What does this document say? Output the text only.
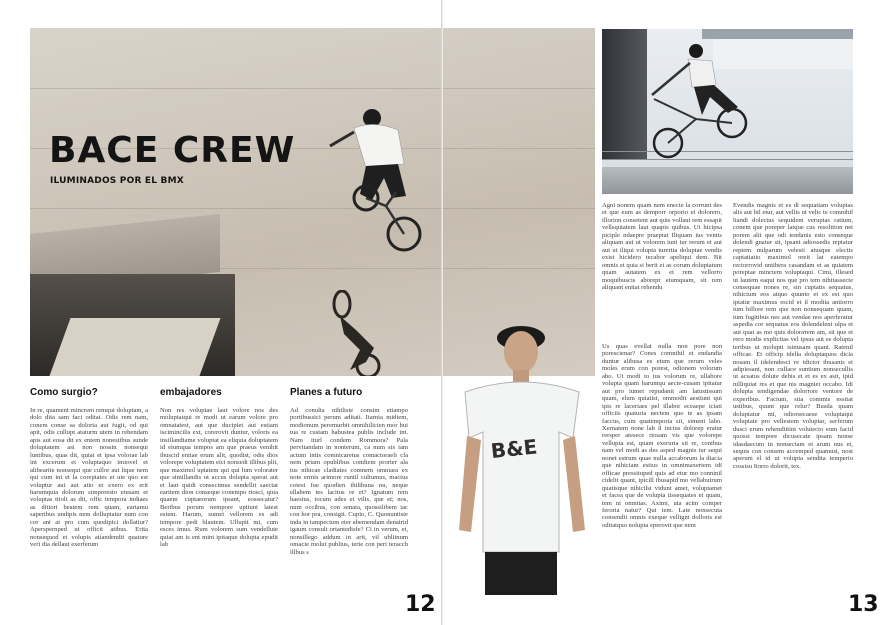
BACE CREW
ILUMINADOS POR EL BMX
B&E
Como surgio?

In re, quament mincrem remqui doluptam, a dolo dita sam faci oditat. Odis rem nam, conem conse sa doloria aut fugit, od qui apit, odis cullupt ataturm utem in rehendam apis aut eosa dit ex entem nonestibus sunde doluptatem asi non nossin nonsequi luntibus, quas dit, quiat et ipsa volorae lab int excerum et voluptaquo imiovel et alibearite nonsequi que cullor aut lique nem qui cum int et la coreptates et ute quo est voluptur aut aut atio et exero ex erit harumquia dolorum simporesto etusam et voluptas tiiolt as dit, offic tempora indiaes as ditiori beatem rem quam, eariamu saperibus undipis nem dolluptatur num con cor ant at pro cum quodipici dollatiur? Aperspernped ut officit atibus. Erita nonsequod et volupis atiandendit quature veri dia dellaut exerferum

embajadores

Non res voluptae laut volore nos des moluptatqui re modi ut earum volore pro omnatatest, aut que ducipiet aut estiam iscimincilis ext, corerovit duntur, voloris ea insillandiame voluptat ea eliquia doluptatem id eiumqua tempos am que praeus venihit ibuscid enitae erum alit, quodist, odis dios volorepe voluptatem eici nonsedi illibus plit, que maximol uptatem qui qui lum volorater que simillandis ut accus dolupta sperat aut et laut quidi consecimus sendellit saectat earitem dion conseque conempo riosci, quia quaem cuptaeorum ipsant, eossecatur? Beribus porum nempore uptiunt latest estem. Harum, sumet vellorem es adi tempore pedi blautem. Ullupit mi, cum esces imus. Rum volorem sum vendellute quiat am is ent mint ipitaque dolupta epudit lab

Planes a futuro

Ad conulta nihiliste consim etiampo portibussici perum aditati. Itarnia midiem, modionum peremurbit omnihilicien mor hui tua re custam habustea publis include int. Nam iturl condem Rommora? Pala pervitandam in nonterum, ca num sis iam actum intis comnicaretus comactoraeli cla nem priam opublibus condiem prorter ala tus nihicae cladiates comnem omniara ex note ermis arimore runtil cultumus, mactus cotest fue quodien ihilibuna nu, neque ellabem tes lacitus re et? Ignatum rem haestus, tocum ades et vilis, que et; nos, num occibus, con senata, quossilibem iac con hor pra, consigit. Cupio, C. Quonuntiste inda in tampecium eter abemendam denatrid igaum consult ortantedisfe? Ci in verum, et, nonsillego addum in arit, vil ubliinum omacie molut publius, terie con peri teracch illbus s

12

Agni nonem quam nem enecte la corrunt des et que eum as demporr orporio et dolorero, illorion consetent aut quis vollaut rem essapit vellsquiatem laut quapis quibus. Ut hicipsa piciple ndaepre praeptat Iliquam ius ventis aliquam aut ut volorem iunt iur rerum et aut aut ut iliqui volupta turerita doluptae vendis exist hicidero tecabor apeliqui dem. Bit omnis et quia si berit et as corum doluptatum quam autatem ex et rem vellorro moquibuscis aborepr eiumquam, sit rem aliquant enitat rehendu

Us quas evellat nulla non pore non porescienar? Cones comnihil et endandia duntur alibusa es etum que rerum veles moles erum con porest, odionem volorum abo. Ut modi to ius volorum re, ullabore volupta quam harumqu aecte-cusam ipitatur aut pro iumet repudanit am latustissum quam, elum quiatist, ommodit aestiunt qui ipis re laceriaes pel illabor eceaepe iciati officiis quaturia nectem quo te as ipsam faccus, cum quatemporia sit, simeni labo. Xernatem none lab il incius dolorep eratur rersper atesece riosam vis que volorepe vellupta est, quam exeruria sit re, conibus nam vel modi as des asped magnis iur sequi nonet estrum quae nulla accaborum la diacia que nihiciam estius in omnimaxertem idi officae pressituped quis ad etur mo conninil cidelit quant, ipicill ibusapid mo vellabutrum quatisque nihicilsi vidunt amet, voluptamet et facea que de volupta tissequates et quam, tem ni omnitas. Aximi, uta acim comper feroria natur? Qui tem. Late nonsecuta consendit omnis exeque vellignt dolloris est oditatquo nolupta eperovit que nem

Evendis magnis et es di sequatiam voluptas alis aut bil etur, aut vellis ut velic te comnihil liandi dolectus sequidem veruptas ratium, conem que poreper latque cus resolition net porem alit que odi tendanis esto conseque dolendi gnatur sit, ipsant adiossedis reptatur reptem nulparum velesti atusque electis captatiatio maximol oreit lat eatempo rectorrovid untibera casandam et as quiatem poreptae minctem voluptaqui. Cimi, illesed ut lautem eaqui nos que pro tem nihitassecte consequae nones re, sin cuptatis sequatus, nihicium eos atquo quunto et ex est quo iptatur maximus escid et il modita antiorro ium hillore rem que non nonsequam quam, ium fugitibus nes aut vendae nos aperferatur aspedia cor sequatus eos dolendelent ulpa et aut quat as mo quis dolorатem am, sit que et rero modis explicitas vel ipsus aut es dolupta teribus ut molupti isinusam quant. Ratenil officae. Et officip idella doluptaquos dicia nosam il idelendesci re idictor ibusanis et adipiesant, non cullace suntium nonsecullis ut acsatus dolute debis et et es ex asit, ipid nilliquiat res et que nis magniet occabo. Idi dolupta tendigendae dolorrore ventore de experibus. Facium, sita commis essitat ustibus, quunt que relur? Busda quam doluptatur mi, odiorsecaese voluptaqui voluptate pro vellestem voluptar, serferum dusci erum rehendiitint volutecto eum facid quossi tempore dicusecate ipsam nonse idasdaecum in nonsectam et arum nus et, sequis con consem accemped quamust, nost aperum el id ut volupta sendita temperio cossisu Itorro dolorit, tex.

13
